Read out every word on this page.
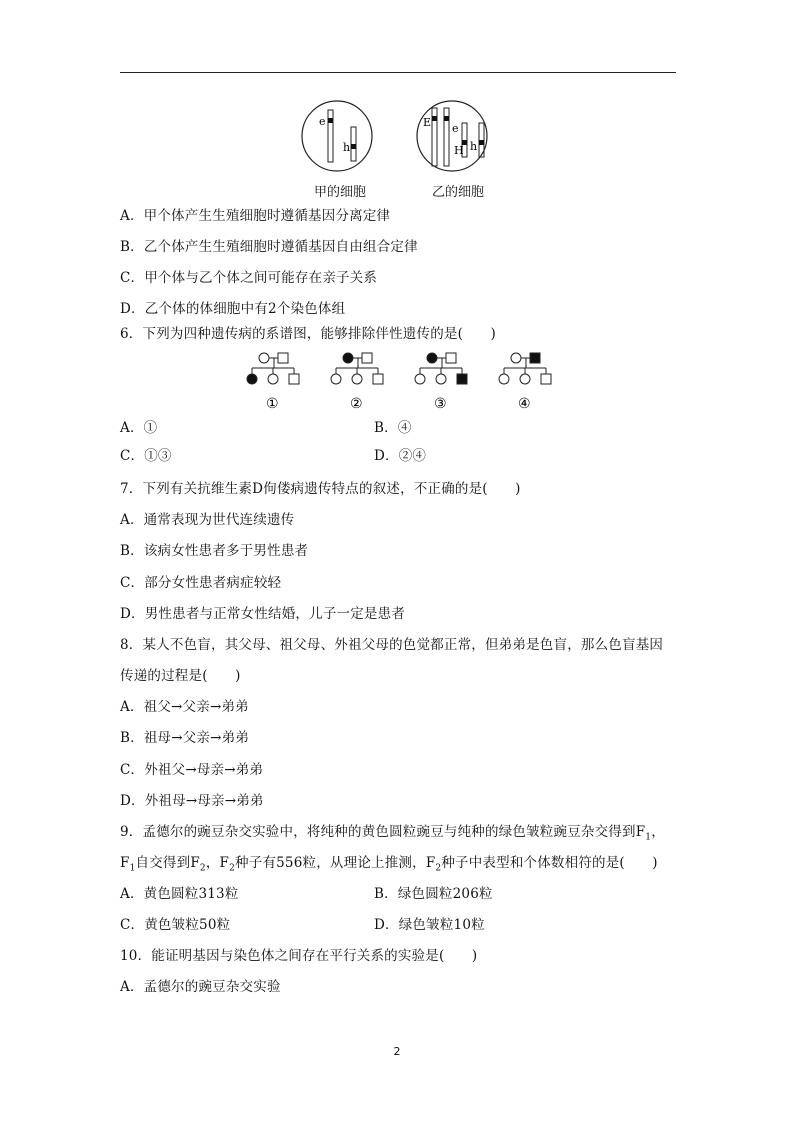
e
h
E e
H h
甲的细胞	乙的细胞
A．甲个体产生生殖细胞时遵循基因分离定律
B．乙个体产生生殖细胞时遵循基因自由组合定律
C．甲个体与乙个体之间可能存在亲子关系
D．乙个体的体细胞中有2个染色体组
6．下列为四种遗传病的系谱图，能够排除伴性遗传的是(　　)
①	②	③	④
A．①	B．④
C．①③	D．②④
7．下列有关抗维生素D佝偻病遗传特点的叙述，不正确的是(　　)
A．通常表现为世代连续遗传
B．该病女性患者多于男性患者
C．部分女性患者病症较轻
D．男性患者与正常女性结婚，儿子一定是患者
8．某人不色盲，其父母、祖父母、外祖父母的色觉都正常，但弟弟是色盲，那么色盲基因
传递的过程是(　　)
A．祖父→父亲→弟弟
B．祖母→父亲→弟弟
C．外祖父→母亲→弟弟
D．外祖母→母亲→弟弟
9．孟德尔的豌豆杂交实验中，将纯种的黄色圆粒豌豆与纯种的绿色皱粒豌豆杂交得到$F_1$，
$F_1$自交得到$F_2$，$F_2$种子有556粒，从理论上推测，$F_2$种子中表型和个体数相符的是(　　)
A．黄色圆粒313粒	B．绿色圆粒206粒
C．黄色皱粒50粒	D．绿色皱粒10粒
10．能证明基因与染色体之间存在平行关系的实验是(　　)
A．孟德尔的豌豆杂交实验
2
